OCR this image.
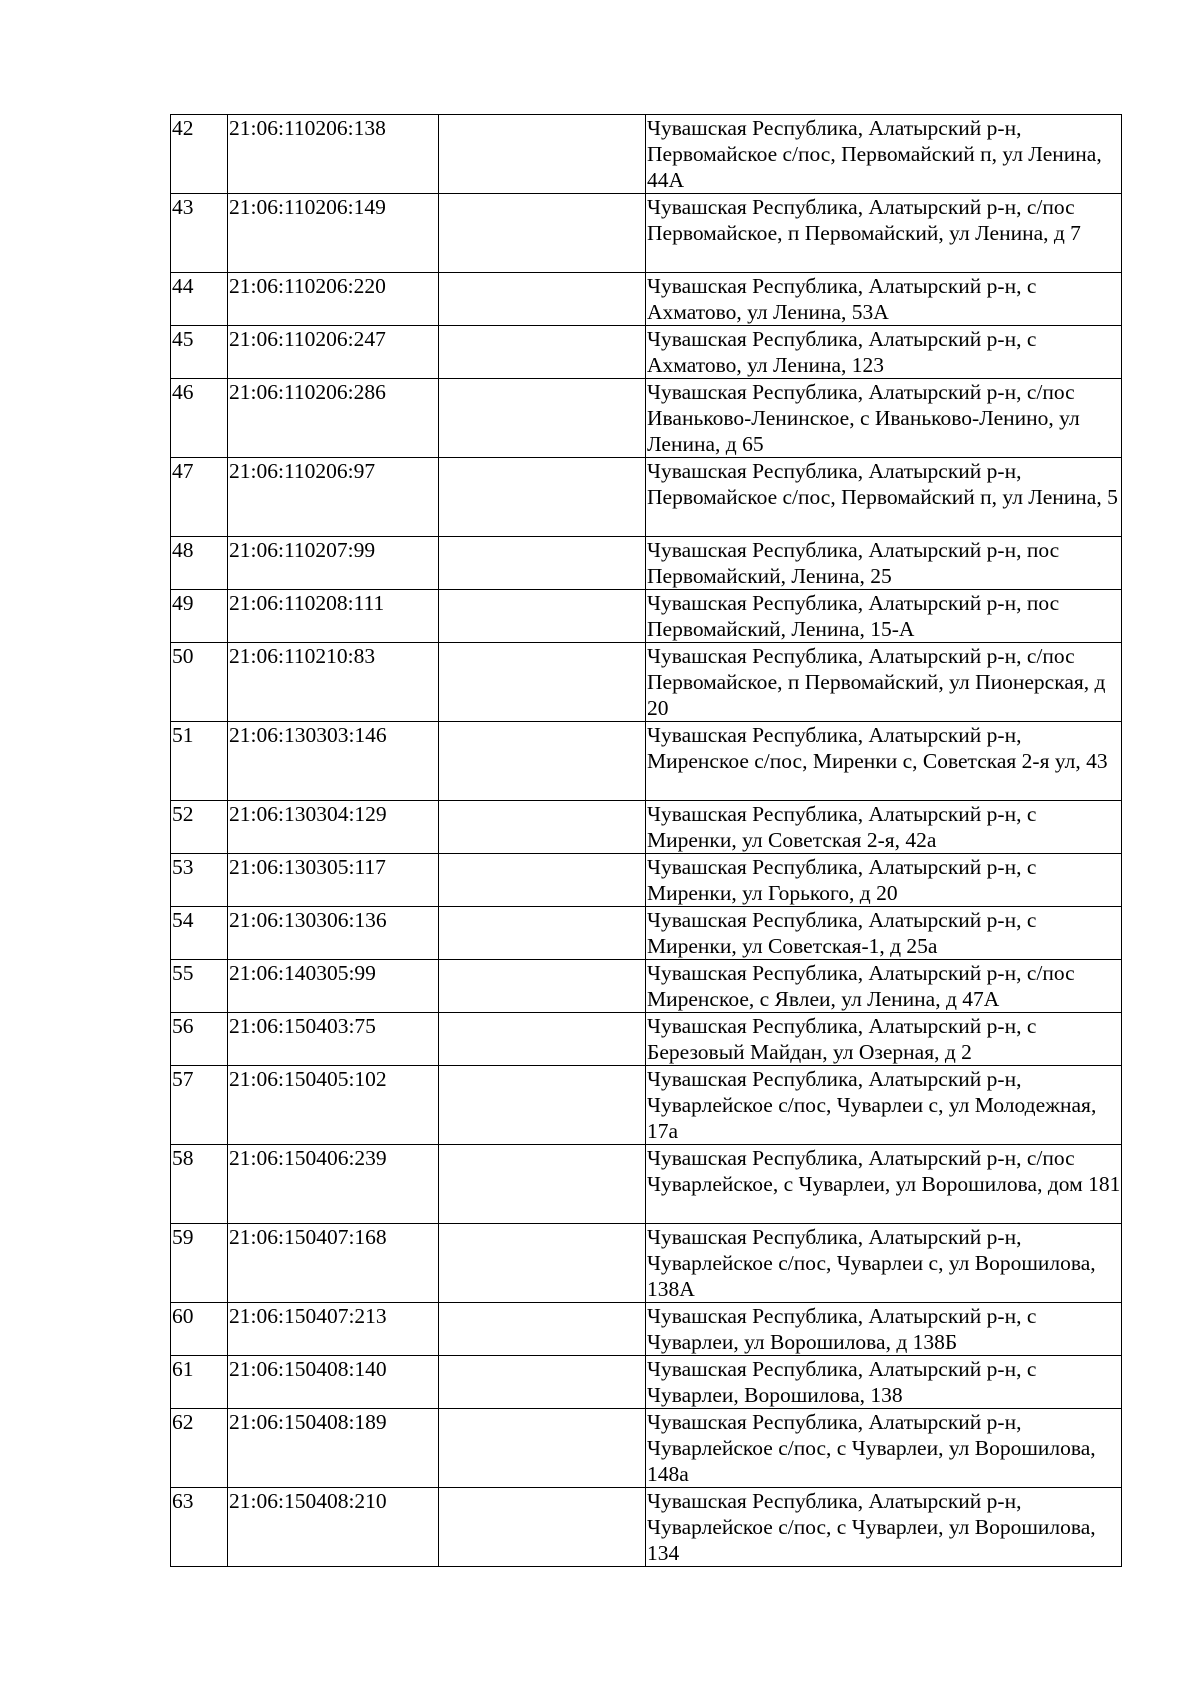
42	21:06:110206:138		Чувашская Республика, Алатырский р-н, Первомайское с/пос, Первомайский п, ул Ленина, 44А
43	21:06:110206:149		Чувашская Республика, Алатырский р-н, с/пос Первомайское, п Первомайский, ул Ленина, д 7
44	21:06:110206:220		Чувашская Республика, Алатырский р-н, с Ахматово, ул Ленина, 53А
45	21:06:110206:247		Чувашская Республика, Алатырский р-н, с Ахматово, ул Ленина, 123
46	21:06:110206:286		Чувашская Республика, Алатырский р-н, с/пос Иваньково-Ленинское, с Иваньково-Ленино, ул Ленина, д 65
47	21:06:110206:97		Чувашская Республика, Алатырский р-н, Первомайское с/пос, Первомайский п, ул Ленина, 5
48	21:06:110207:99		Чувашская Республика, Алатырский р-н, пос Первомайский, Ленина, 25
49	21:06:110208:111		Чувашская Республика, Алатырский р-н, пос Первомайский, Ленина, 15-А
50	21:06:110210:83		Чувашская Республика, Алатырский р-н, с/пос Первомайское, п Первомайский, ул Пионерская, д 20
51	21:06:130303:146		Чувашская Республика, Алатырский р-н, Миренское с/пос, Миренки с, Советская 2-я ул, 43
52	21:06:130304:129		Чувашская Республика, Алатырский р-н, с Миренки, ул Советская 2-я, 42а
53	21:06:130305:117		Чувашская Республика, Алатырский р-н, с Миренки, ул Горького, д 20
54	21:06:130306:136		Чувашская Республика, Алатырский р-н, с Миренки, ул Советская-1, д 25а
55	21:06:140305:99		Чувашская Республика, Алатырский р-н, с/пос Миренское, с Явлеи, ул Ленина, д 47А
56	21:06:150403:75		Чувашская Республика, Алатырский р-н, с Березовый Майдан, ул Озерная, д 2
57	21:06:150405:102		Чувашская Республика, Алатырский р-н, Чуварлейское с/пос, Чуварлеи с, ул Молодежная, 17а
58	21:06:150406:239		Чувашская Республика, Алатырский р-н, с/пос Чуварлейское, с Чуварлеи, ул Ворошилова, дом 181
59	21:06:150407:168		Чувашская Республика, Алатырский р-н, Чуварлейское с/пос, Чуварлеи с, ул Ворошилова, 138А
60	21:06:150407:213		Чувашская Республика, Алатырский р-н, с Чуварлеи, ул Ворошилова, д 138Б
61	21:06:150408:140		Чувашская Республика, Алатырский р-н, с Чуварлеи, Ворошилова, 138
62	21:06:150408:189		Чувашская Республика, Алатырский р-н, Чуварлейское с/пос, с Чуварлеи, ул Ворошилова, 148а
63	21:06:150408:210		Чувашская Республика, Алатырский р-н, Чуварлейское с/пос, с Чуварлеи, ул Ворошилова, 134
